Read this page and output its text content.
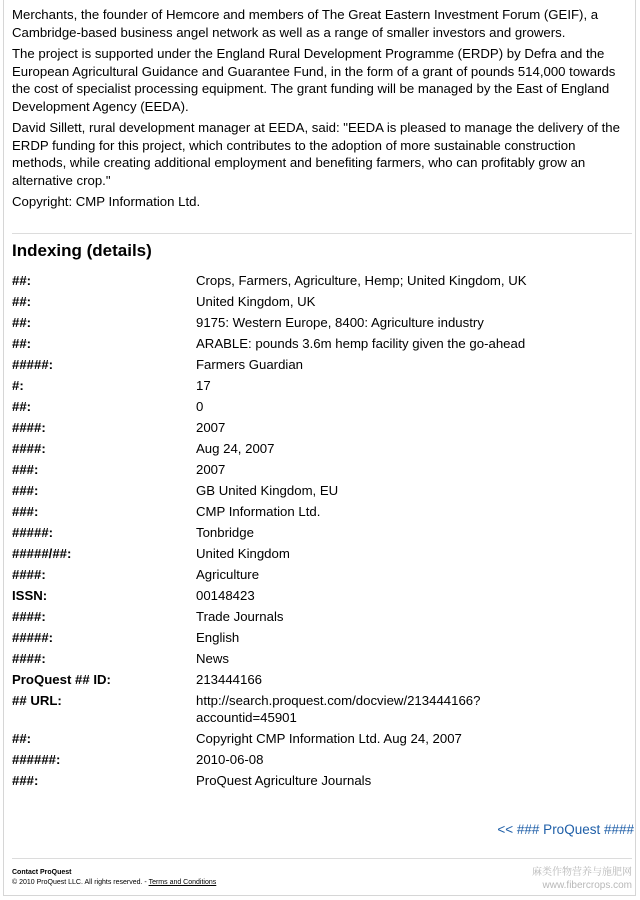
Merchants, the founder of Hemcore and members of The Great Eastern Investment Forum (GEIF), a Cambridge-based business angel network as well as a range of smaller investors and growers.

The project is supported under the England Rural Development Programme (ERDP) by Defra and the European Agricultural Guidance and Guarantee Fund, in the form of a grant of pounds 514,000 towards the cost of specialist processing equipment. The grant funding will be managed by the East of England Development Agency (EEDA).

David Sillett, rural development manager at EEDA, said: "EEDA is pleased to manage the delivery of the ERDP funding for this project, which contributes to the adoption of more sustainable construction methods, while creating additional employment and benefiting farmers, who can profitably grow an alternative crop."

Copyright: CMP Information Ltd.

Indexing (details)
##:	Crops, Farmers, Agriculture, Hemp; United Kingdom, UK
##:	United Kingdom, UK
##:	9175: Western Europe, 8400: Agriculture industry
##:	ARABLE: pounds 3.6m hemp facility given the go-ahead
#####:	Farmers Guardian
#:	17
##:	0
####:	2007
####:	Aug 24, 2007
###:	2007
###:	GB United Kingdom, EU
###:	CMP Information Ltd.
#####:	Tonbridge
#####/##:	United Kingdom
####:	Agriculture
ISSN:	00148423
####:	Trade Journals
#####:	English
####:	News
ProQuest ## ID:	213444166
## URL:	http://search.proquest.com/docview/213444166?
accountid=45901

##:	Copyright CMP Information Ltd. Aug 24, 2007
######:	2010-06-08
###:	ProQuest Agriculture Journals
<< ### ProQuest ####
Contact ProQuest
© 2010 ProQuest LLC. All rights reserved. - Terms and Conditions
麻类作物营养与施肥网
www.fibercrops.com
